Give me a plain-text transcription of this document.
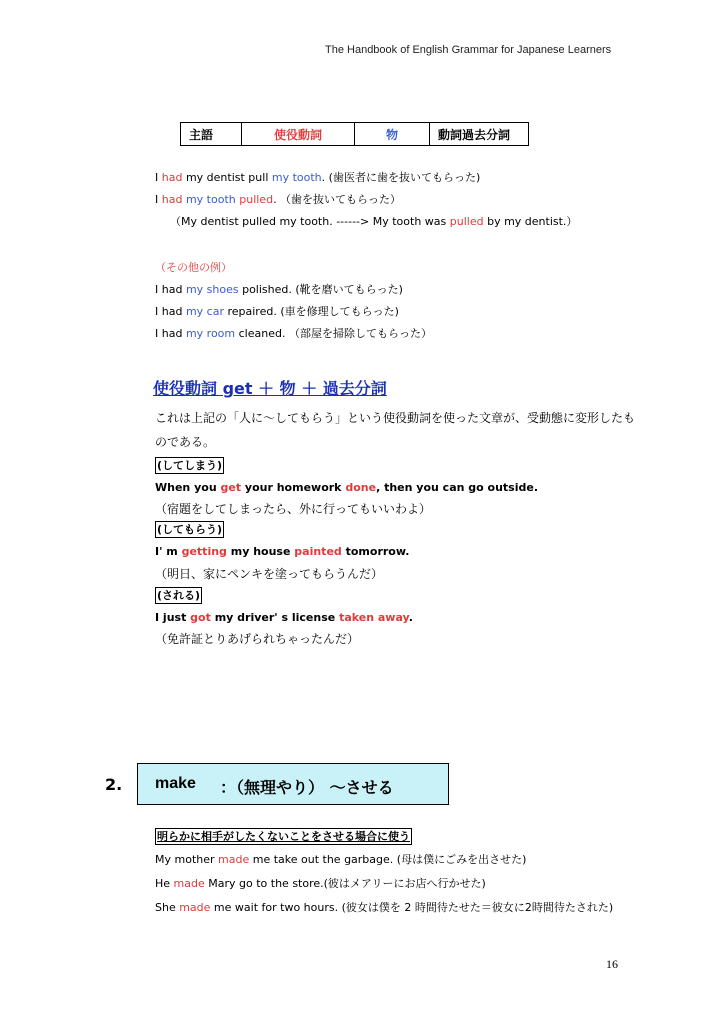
The Handbook of English Grammar for Japanese Learners
主語	使役動詞	物	動詞過去分詞
I had my dentist pull my tooth. (歯医者に歯を抜いてもらった)
I had my tooth pulled. （歯を抜いてもらった）
（My dentist pulled my tooth. ------> My tooth was pulled by my dentist.）
（その他の例）
I had my shoes polished. (靴を磨いてもらった)
I had my car repaired. (車を修理してもらった)
I had my room cleaned. （部屋を掃除してもらった）
使役動詞 get ＋ 物 ＋ 過去分詞
これは上記の「人に～してもらう」という使役動詞を使った文章が、受動態に変形したも
のである。
(してしまう)
When you get your homework done, then you can go outside.
（宿題をしてしまったら、外に行ってもいいわよ）
(してもらう)
I' m getting my house painted tomorrow.
（明日、家にペンキを塗ってもらうんだ）
(される)
I just got my driver' s license taken away.
（免許証とりあげられちゃったんだ）
2. make ：（無理やり） ～させる
明らかに相手がしたくないことをさせる場合に使う
My mother made me take out the garbage. (母は僕にごみを出させた)
He made Mary go to the store.(彼はメアリーにお店へ行かせた)
She made me wait for two hours. (彼女は僕を 2 時間待たせた＝彼女に2時間待たされた)
16
